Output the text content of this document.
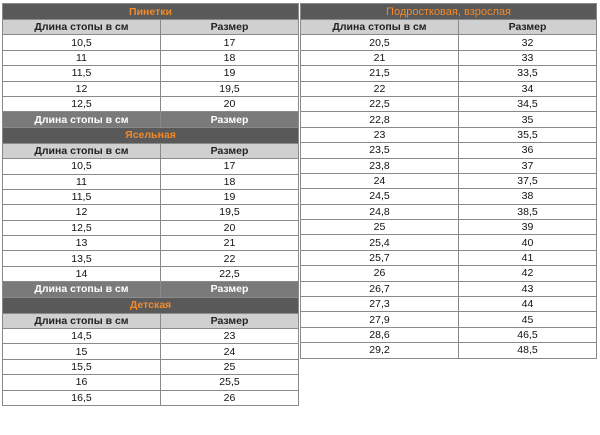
Пинетки	
Длина стопы в см	Размер
10,5	17
11	18
11,5	19
12	19,5
12,5	20
Длина стопы в см	Размер
Ясельная	
Длина стопы в см	Размер
10,5	17
11	18
11,5	19
12	19,5
12,5	20
13	21
13,5	22
14	22,5
Длина стопы в см	Размер
Детская	
Длина стопы в см	Размер
14,5	23
15	24
15,5	25
16	25,5
16,5	26
Подростковая, взрослая	
Длина стопы в см	Размер
20,5	32
21	33
21,5	33,5
22	34
22,5	34,5
22,8	35
23	35,5
23,5	36
23,8	37
24	37,5
24,5	38
24,8	38,5
25	39
25,4	40
25,7	41
26	42
26,7	43
27,3	44
27,9	45
28,6	46,5
29,2	48,5
